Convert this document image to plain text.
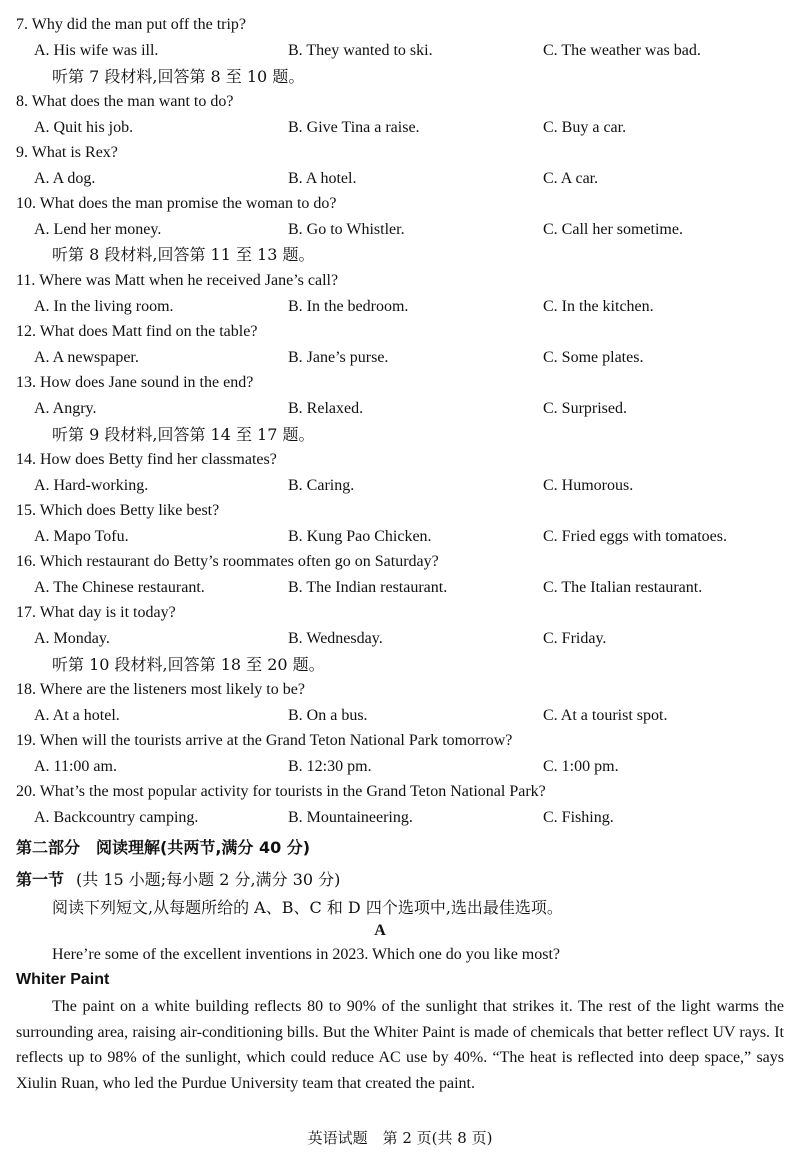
7. Why did the man put off the trip?
A. His wife was ill.	B. They wanted to ski.	C. The weather was bad.
听第 7 段材料,回答第 8 至 10 题。
8. What does the man want to do?
A. Quit his job.	B. Give Tina a raise.	C. Buy a car.
9. What is Rex?
A. A dog.	B. A hotel.	C. A car.
10. What does the man promise the woman to do?
A. Lend her money.	B. Go to Whistler.	C. Call her sometime.
听第 8 段材料,回答第 11 至 13 题。
11. Where was Matt when he received Jane’s call?
A. In the living room.	B. In the bedroom.	C. In the kitchen.
12. What does Matt find on the table?
A. A newspaper.	B. Jane’s purse.	C. Some plates.
13. How does Jane sound in the end?
A. Angry.	B. Relaxed.	C. Surprised.
听第 9 段材料,回答第 14 至 17 题。
14. How does Betty find her classmates?
A. Hard-working.	B. Caring.	C. Humorous.
15. Which does Betty like best?
A. Mapo Tofu.	B. Kung Pao Chicken.	C. Fried eggs with tomatoes.
16. Which restaurant do Betty’s roommates often go on Saturday?
A. The Chinese restaurant.	B. The Indian restaurant.	C. The Italian restaurant.
17. What day is it today?
A. Monday.	B. Wednesday.	C. Friday.
听第 10 段材料,回答第 18 至 20 题。
18. Where are the listeners most likely to be?
A. At a hotel.	B. On a bus.	C. At a tourist spot.
19. When will the tourists arrive at the Grand Teton National Park tomorrow?
A. 11:00 am.	B. 12:30 pm.	C. 1:00 pm.
20. What’s the most popular activity for tourists in the Grand Teton National Park?
A. Backcountry camping.	B. Mountaineering.	C. Fishing.
第二部分　阅读理解(共两节,满分 40 分)
第一节 (共 15 小题;每小题 2 分,满分 30 分)
阅读下列短文,从每题所给的 A、B、C 和 D 四个选项中,选出最佳选项。
A
Here’re some of the excellent inventions in 2023. Which one do you like most?
Whiter Paint
The paint on a white building reflects 80 to 90% of the sunlight that strikes it. The rest of the light warms the surrounding area, raising air-conditioning bills. But the Whiter Paint is made of chemicals that better reflect UV rays. It reflects up to 98% of the sunlight, which could reduce AC use by 40%. “The heat is reflected into deep space,” says Xiulin Ruan, who led the Purdue University team that created the paint.
英语试题　第 2 页(共 8 页)
